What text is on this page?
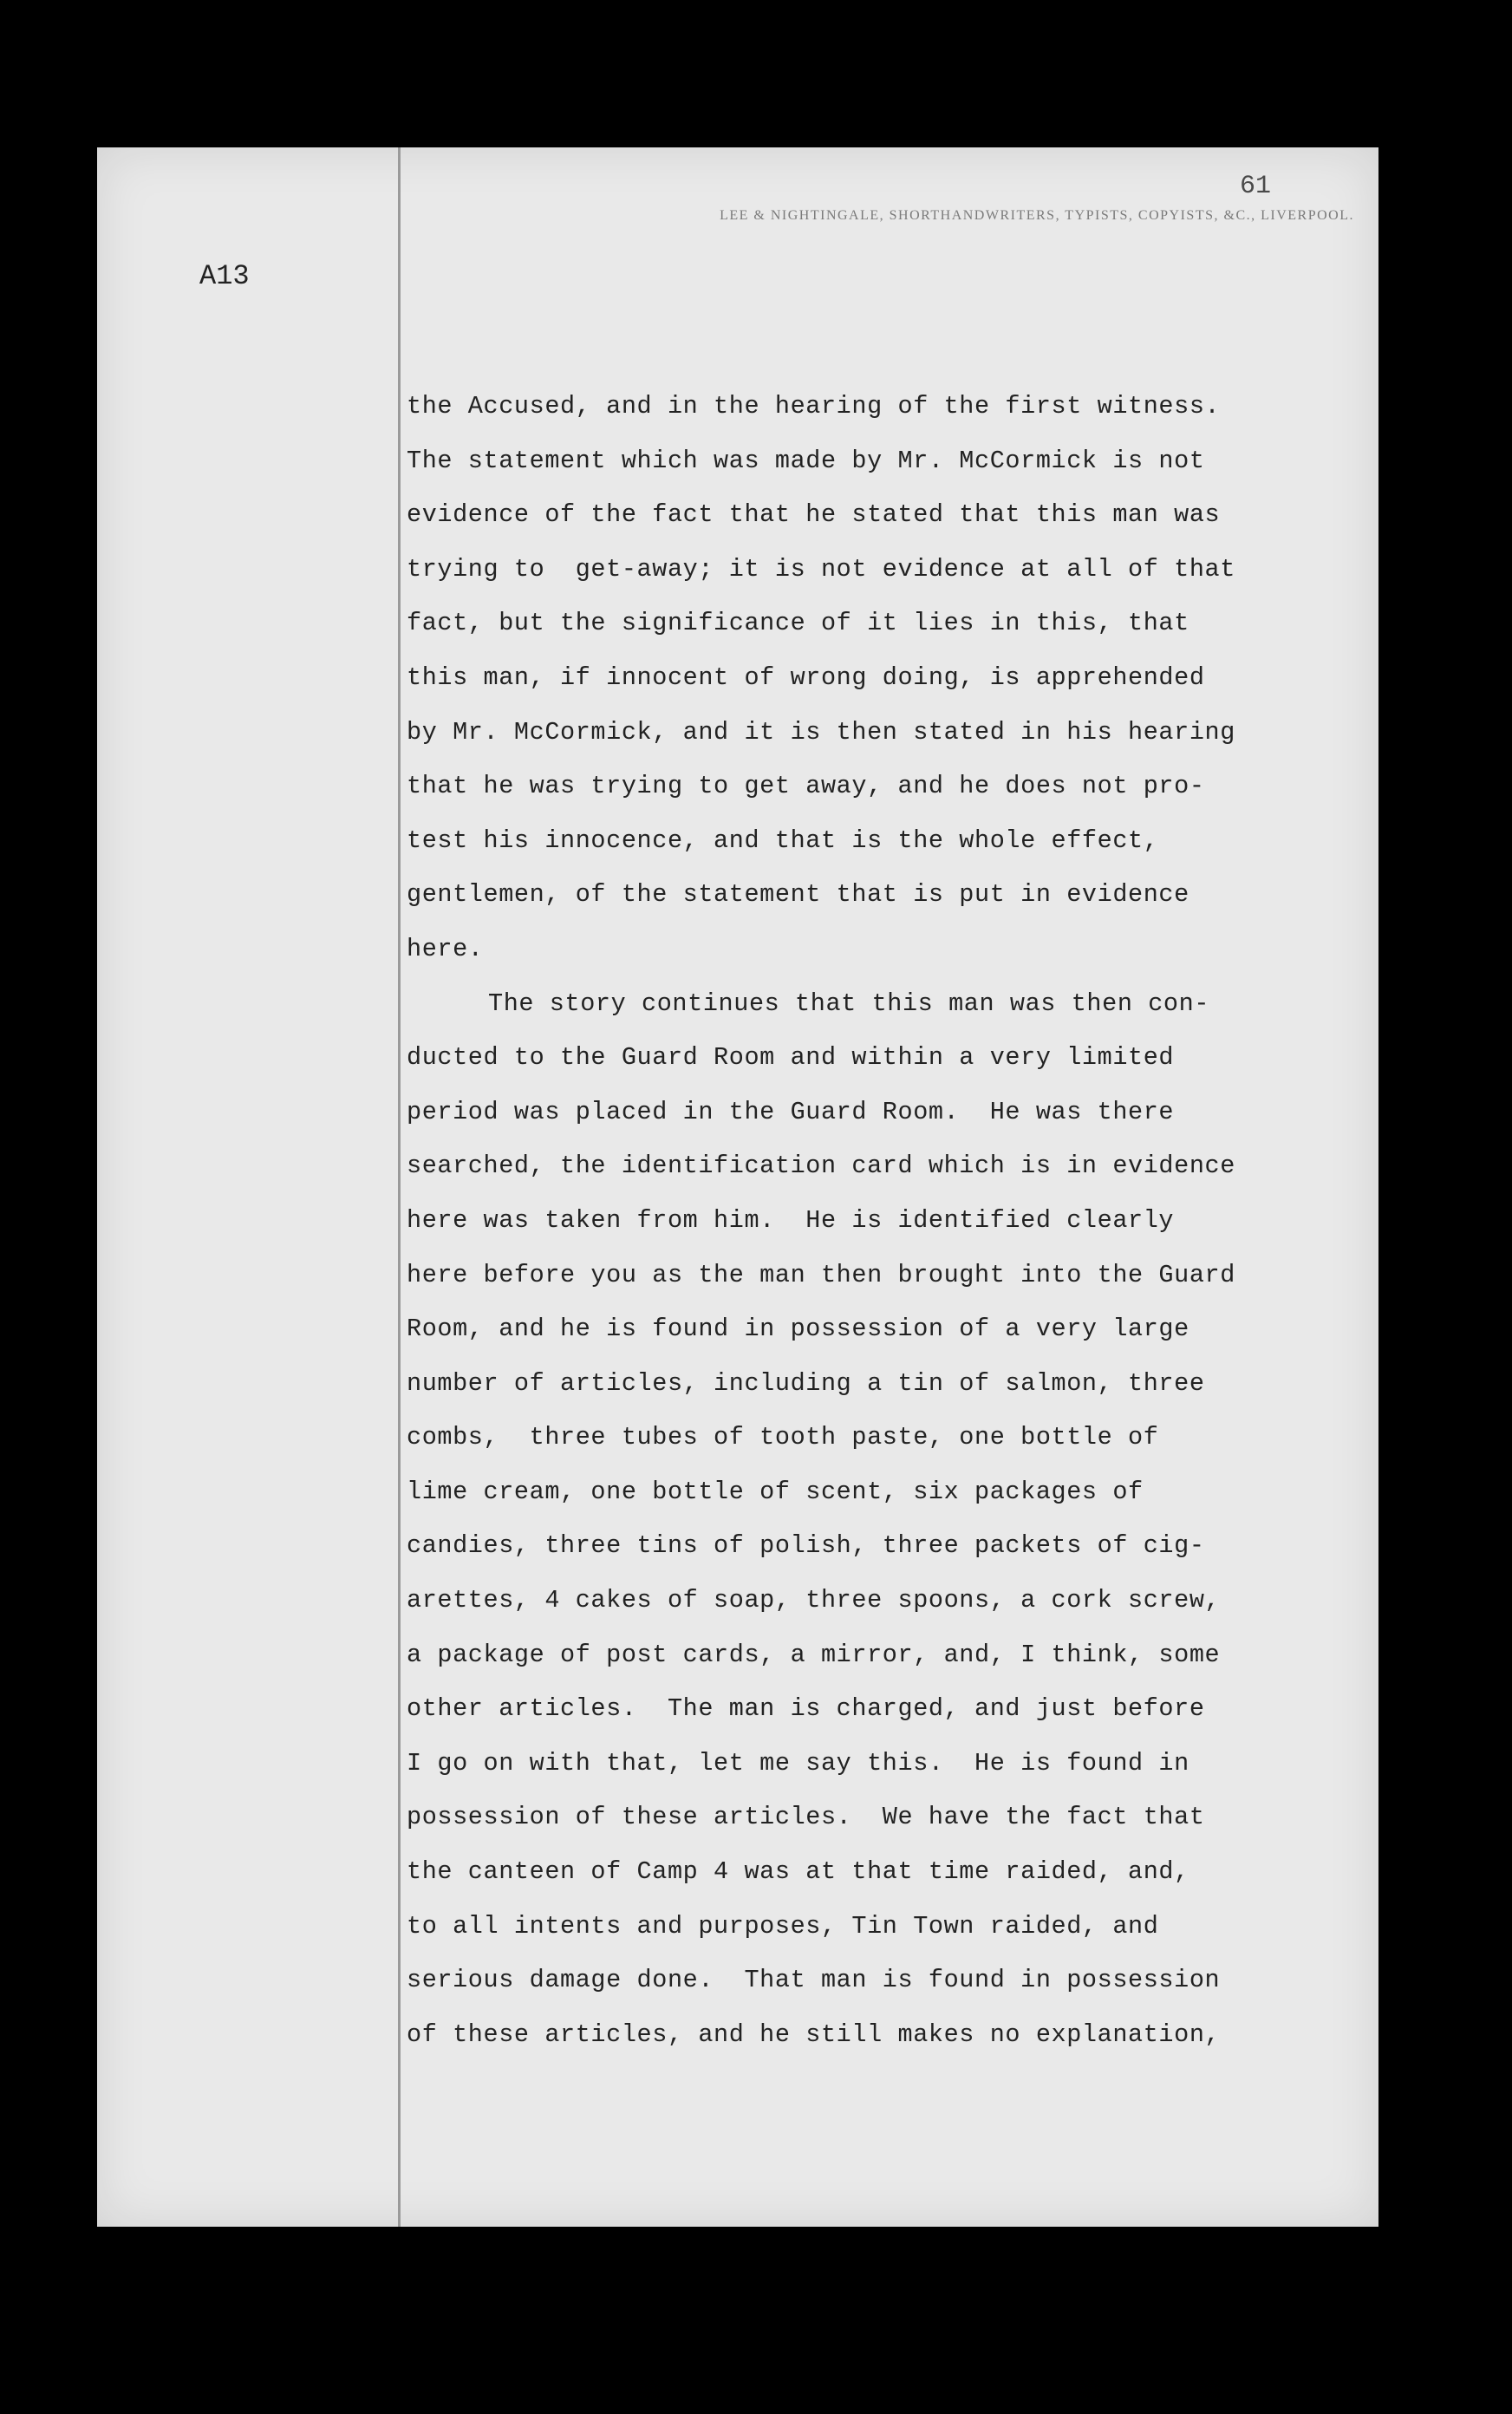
LEE & NIGHTINGALE, SHORTHANDWRITERS, TYPISTS, COPYISTS, &C., LIVERPOOL.
61
A13
the Accused, and in the hearing of the first witness.
The statement which was made by Mr. McCormick is not
evidence of the fact that he stated that this man was
trying to  get-away; it is not evidence at all of that
fact, but the significance of it lies in this, that
this man, if innocent of wrong doing, is apprehended
by Mr. McCormick, and it is then stated in his hearing
that he was trying to get away, and he does not pro-
test his innocence, and that is the whole effect,
gentlemen, of the statement that is put in evidence
here.
The story continues that this man was then con-
ducted to the Guard Room and within a very limited
period was placed in the Guard Room.  He was there
searched, the identification card which is in evidence
here was taken from him.  He is identified clearly
here before you as the man then brought into the Guard
Room, and he is found in possession of a very large
number of articles, including a tin of salmon, three
combs,  three tubes of tooth paste, one bottle of
lime cream, one bottle of scent, six packages of
candies, three tins of polish, three packets of cig-
arettes, 4 cakes of soap, three spoons, a cork screw,
a package of post cards, a mirror, and, I think, some
other articles.  The man is charged, and just before
I go on with that, let me say this.  He is found in
possession of these articles.  We have the fact that
the canteen of Camp 4 was at that time raided, and,
to all intents and purposes, Tin Town raided, and
serious damage done.  That man is found in possession
of these articles, and he still makes no explanation,
